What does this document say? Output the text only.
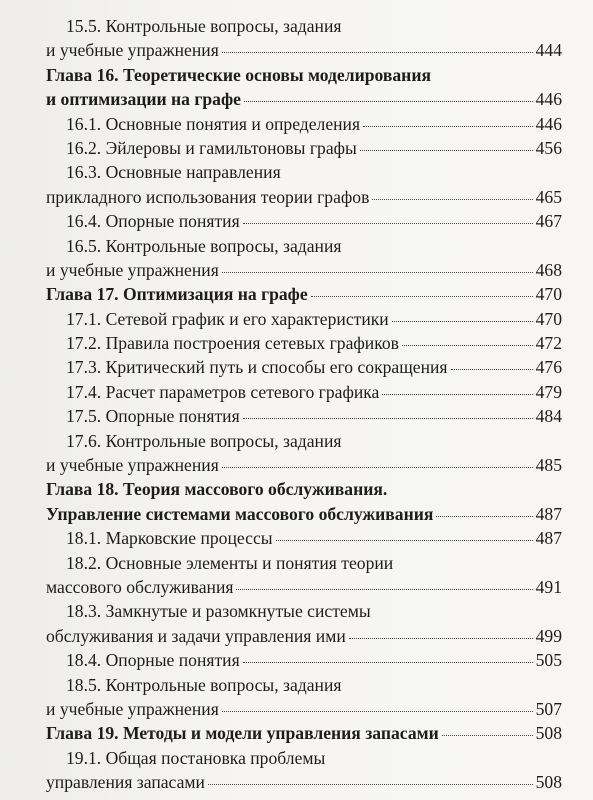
15.5. Контрольные вопросы, задания
и учебные упражнения	444
Глава 16. Теоретические основы моделирования
и оптимизации на графе	446
16.1. Основные понятия и определения	446
16.2. Эйлеровы и гамильтоновы графы	456
16.3. Основные направления
прикладного использования теории графов	465
16.4. Опорные понятия	467
16.5. Контрольные вопросы, задания
и учебные упражнения	468
Глава 17. Оптимизация на графе	470
17.1. Сетевой график и его характеристики	470
17.2. Правила построения сетевых графиков	472
17.3. Критический путь и способы его сокращения	476
17.4. Расчет параметров сетевого графика	479
17.5. Опорные понятия	484
17.6. Контрольные вопросы, задания
и учебные упражнения	485
Глава 18. Теория массового обслуживания.
Управление системами массового обслуживания	487
18.1. Марковские процессы	487
18.2. Основные элементы и понятия теории
массового обслуживания	491
18.3. Замкнутые и разомкнутые системы
обслуживания и задачи управления ими	499
18.4. Опорные понятия	505
18.5. Контрольные вопросы, задания
и учебные упражнения	507
Глава 19. Методы и модели управления запасами	508
19.1. Общая постановка проблемы
управления запасами	508
